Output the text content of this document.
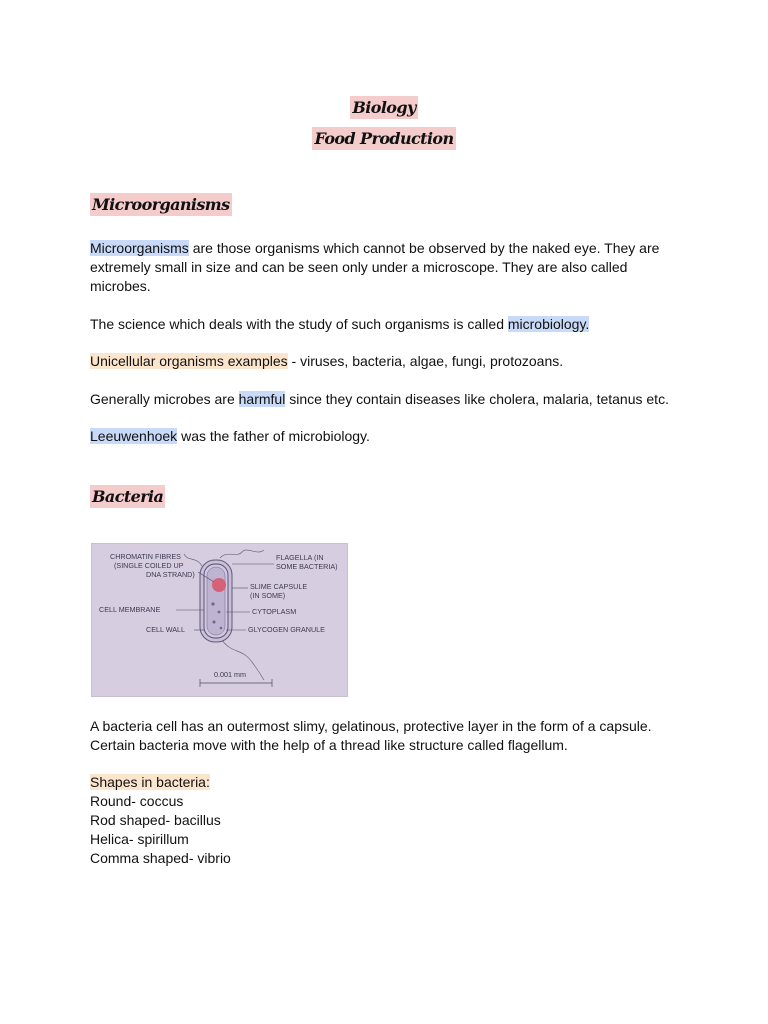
Biology
Food Production
Microorganisms
Microorganisms are those organisms which cannot be observed by the naked eye. They are extremely small in size and can be seen only under a microscope. They are also called microbes.
The science which deals with the study of such organisms is called microbiology.
Unicellular organisms examples - viruses, bacteria, algae, fungi, protozoans.
Generally microbes are harmful since they contain diseases like cholera, malaria, tetanus etc.
Leeuwenhoek was the father of microbiology.
Bacteria
CHROMATIN FIBRES
(SINGLE COILED UP
DNA STRAND)
FLAGELLA (IN
SOME BACTERIA)
SLIME CAPSULE
(IN SOME)
CELL MEMBRANE	CYTOPLASM
CELL WALL	GLYCOGEN GRANULE
0.001 mm
A bacteria cell has an outermost slimy, gelatinous, protective layer in the form of a capsule.
Certain bacteria move with the help of a thread like structure called flagellum.
Shapes in bacteria:
Round- coccus
Rod shaped- bacillus
Helica- spirillum
Comma shaped- vibrio
